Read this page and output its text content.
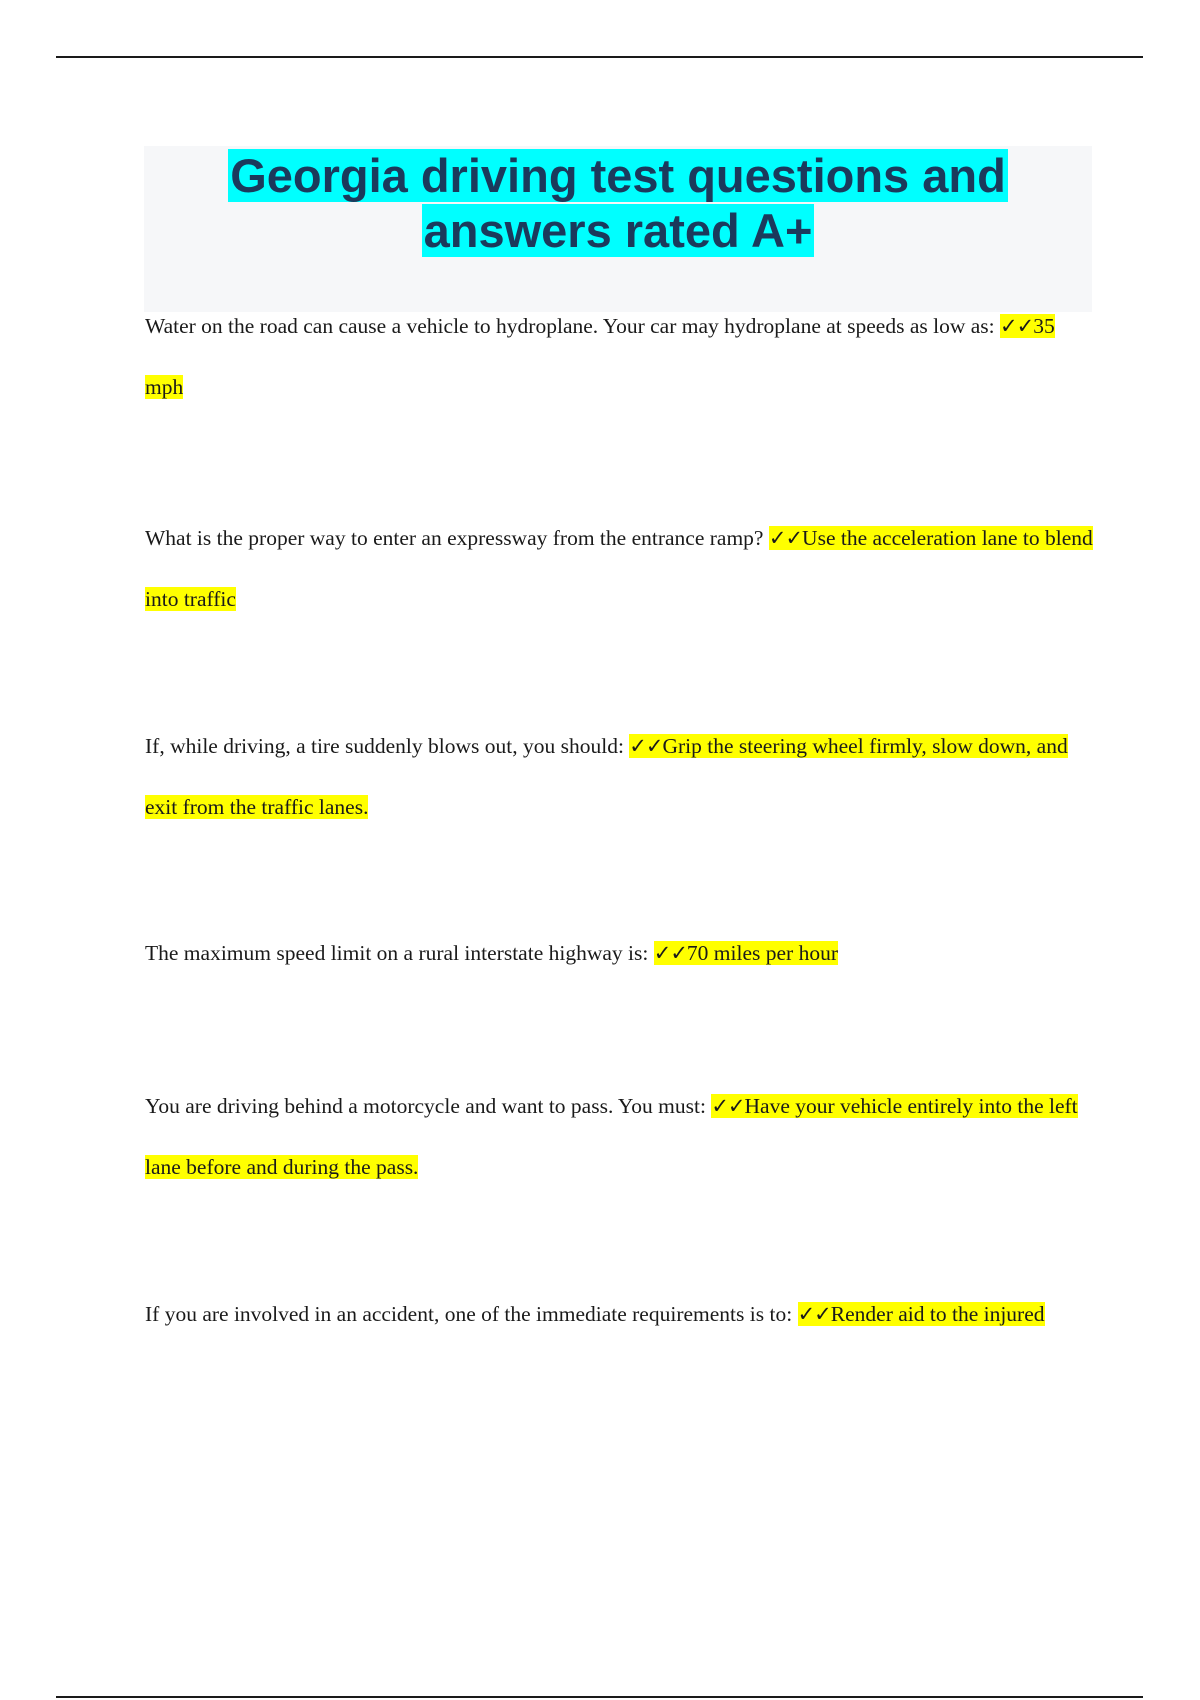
Georgia driving test questions and
answers rated A+

Water on the road can cause a vehicle to hydroplane. Your car may hydroplane at speeds as low as: ✓✓35 mph

What is the proper way to enter an expressway from the entrance ramp? ✓✓Use the acceleration lane to blend into traffic

If, while driving, a tire suddenly blows out, you should: ✓✓Grip the steering wheel firmly, slow down, and exit from the traffic lanes.

The maximum speed limit on a rural interstate highway is: ✓✓70 miles per hour

You are driving behind a motorcycle and want to pass. You must: ✓✓Have your vehicle entirely into the left lane before and during the pass.

If you are involved in an accident, one of the immediate requirements is to: ✓✓Render aid to the injured
